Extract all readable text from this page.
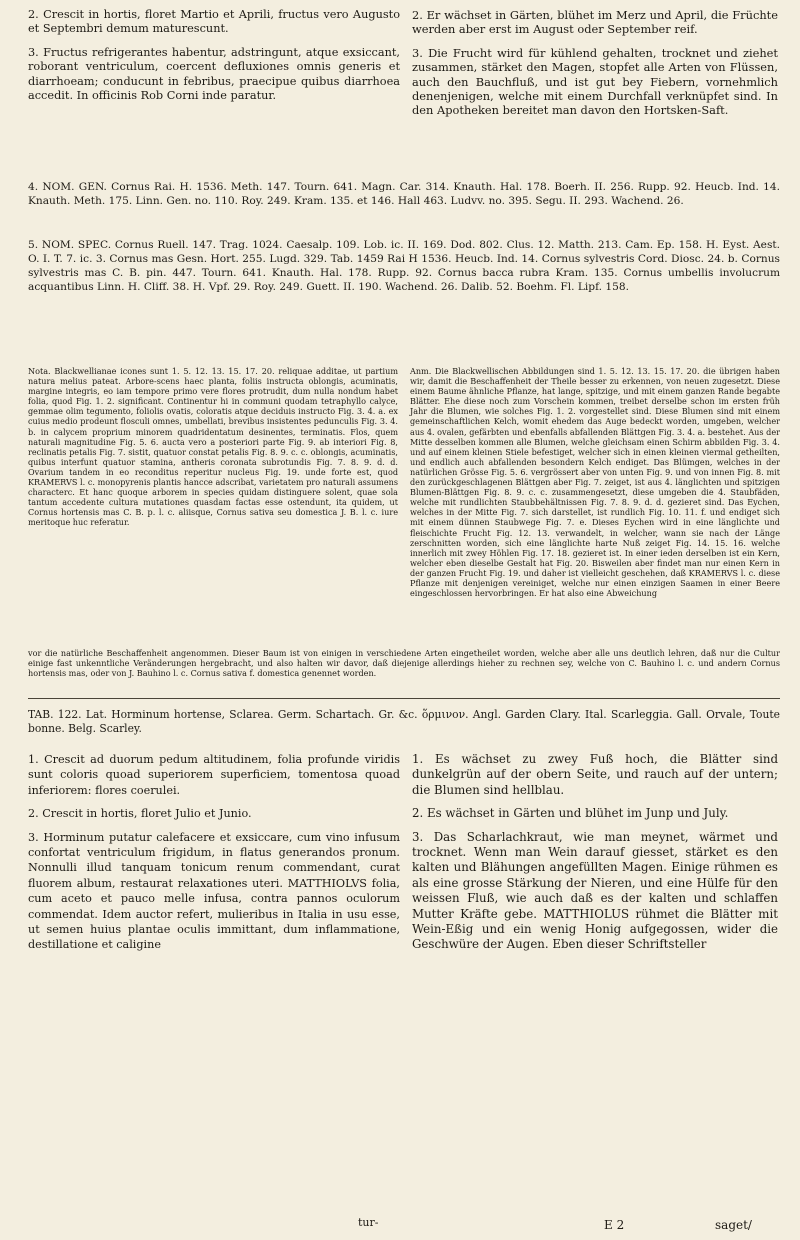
2. Crescit in hortis, floret Martio et Aprili, fructus vero Augusto et Septembri demum maturescunt.

3. Fructus refrigerantes habentur, adstringunt, atque exsiccant, roborant ventriculum, coercent defluxiones omnis generis et diarrhoeam; conducunt in febribus, praecipue quibus diarrhoea accedit. In officinis Rob Corni inde paratur.

2. Er wächset in Gärten, blühet im Merz und April, die Früchte werden aber erst im August oder September reif.

3. Die Frucht wird für kühlend gehalten, trocknet und ziehet zusammen, stärket den Magen, stopfet alle Arten von Flüssen, auch den Bauchfluß, und ist gut bey Fiebern, vornehmlich denenjenigen, welche mit einem Durchfall verknüpfet sind. In den Apotheken bereitet man davon den Hortsken-Saft.

4. NOM. GEN. Cornus Rai. H. 1536. Meth. 147. Tourn. 641. Magn. Car. 314. Knauth. Hal. 178. Boerh. II. 256. Rupp. 92. Heucb. Ind. 14. Knauth. Meth. 175. Linn. Gen. no. 110. Roy. 249. Kram. 135. et 146. Hall 463. Ludvv. no. 395. Segu. II. 293. Wachend. 26.

5. NOM. SPEC. Cornus Ruell. 147. Trag. 1024. Caesalp. 109. Lob. ic. II. 169. Dod. 802. Clus. 12. Matth. 213. Cam. Ep. 158. H. Eyst. Aest. O. I. T. 7. ic. 3. Cornus mas Gesn. Hort. 255. Lugd. 329. Tab. 1459 Rai H 1536. Heucb. Ind. 14. Cornus sylvestris Cord. Diosc. 24. b. Cornus sylvestris mas C. B. pin. 447. Tourn. 641. Knauth. Hal. 178. Rupp. 92. Cornus bacca rubra Kram. 135. Cornus umbellis involucrum acquantibus Linn. H. Cliff. 38. H. Vpf. 29. Roy. 249. Guett. II. 190. Wachend. 26. Dalib. 52. Boehm. Fl. Lipf. 158.

Nota. Blackwellianae icones sunt 1. 5. 12. 13. 15. 17. 20. reliquae additae, ut partium natura melius pateat. Arbore-scens haec planta, foliis instructa oblongis, acuminatis, margine integris, eo iam tempore primo vere flores protrudit, dum nulla nondum habet folia, quod Fig. 1. 2. significant. Continentur hi in communi quodam tetraphyllo calyce, gemmae olim tegumento, foliolis ovatis, coloratis atque deciduis instructo Fig. 3. 4. a. ex cuius medio prodeunt flosculi omnes, umbellati, brevibus insistentes pedunculis Fig. 3. 4. b. in calycem proprium minorem quadridentatum desinentes, terminatis. Flos, quem naturali magnitudine Fig. 5. 6. aucta vero a posteriori parte Fig. 9. ab interiori Fig. 8, reclinatis petalis Fig. 7. sistit, quatuor constat petalis Fig. 8. 9. c. c. oblongis, acuminatis, quibus interfunt quatuor stamina, antheris coronata subrotundis Fig. 7. 8. 9. d. d. Ovarium tandem in eo reconditus reperitur nucleus Fig. 19. unde forte est, quod KRAMERVS l. c. monopyrenis plantis hancce adscribat, varietatem pro naturali assumens characterc. Et hanc quoque arborem in species quidam distinguere solent, quae sola tantum accedente cultura mutationes quasdam factas esse ostendunt, ita quidem, ut Cornus hortensis mas C. B. p. l. c. aliisque, Cornus sativa seu domestica J. B. l. c. iure meritoque huc referatur.

Anm. Die Blackwellischen Abbildungen sind 1. 5. 12. 13. 15. 17. 20. die übrigen haben wir, damit die Beschaffenheit der Theile besser zu erkennen, von neuen zugesetzt. Diese einem Baume ähnliche Pflanze, hat lange, spitzige, und mit einem ganzen Rande begabte Blätter. Ehe diese noch zum Vorschein kommen, treibet derselbe schon im ersten früh Jahr die Blumen, wie solches Fig. 1. 2. vorgestellet sind. Diese Blumen sind mit einem gemeinschaftlichen Kelch, womit ehedem das Auge bedeckt worden, umgeben, welcher aus 4. ovalen, gefärbten und ebenfalls abfallenden Blättgen Fig. 3. 4. a. bestehet. Aus der Mitte desselben kommen alle Blumen, welche gleichsam einen Schirm abbilden Fig. 3. 4. und auf einem kleinen Stiele befestiget, welcher sich in einen kleinen viermal getheilten, und endlich auch abfallenden besondern Kelch endiget. Das Blümgen, welches in der natürlichen Grösse Fig. 5. 6. vergrössert aber von unten Fig. 9. und von innen Fig. 8. mit den zurückgeschlagenen Blättgen aber Fig. 7. zeiget, ist aus 4. länglichten und spitzigen Blumen-Blättgen Fig. 8. 9. c. c. zusammengesetzt, diese umgeben die 4. Staubfäden, welche mit rundlichten Staubbehältnissen Fig. 7. 8. 9. d. d. gezieret sind. Das Eychen, welches in der Mitte Fig. 7. sich darstellet, ist rundlich Fig. 10. 11. f. und endiget sich mit einem dünnen Staubwege Fig. 7. e. Dieses Eychen wird in eine länglichte und fleischichte Frucht Fig. 12. 13. verwandelt, in welcher, wann sie nach der Länge zerschnitten worden, sich eine länglichte harte Nuß zeiget Fig. 14. 15. 16. welche innerlich mit zwey Höhlen Fig. 17. 18. gezieret ist. In einer ieden derselben ist ein Kern, welcher eben dieselbe Gestalt hat Fig. 20. Bisweilen aber findet man nur einen Kern in der ganzen Frucht Fig. 19. und daher ist vielleicht geschehen, daß KRAMERVS l. c. diese Pflanze mit denjenigen vereiniget, welche nur einen einzigen Saamen in einer Beere eingeschlossen hervorbringen. Er hat also eine Abweichung

vor die natürliche Beschaffenheit angenommen. Dieser Baum ist von einigen in verschiedene Arten eingetheilet worden, welche aber alle uns deutlich lehren, daß nur die Cultur einige fast unkenntliche Veränderungen hergebracht, und also halten wir davor, daß diejenige allerdings hieher zu rechnen sey, welche von C. Bauhino l. c. und andern Cornus hortensis mas, oder von J. Bauhino l. c. Cornus sativa f. domestica genennet worden.

TAB. 122. Lat. Horminum hortense, Sclarea. Germ. Schartach. Gr. &c. ὅρμινον. Angl. Garden Clary. Ital. Scarleggia. Gall. Orvale, Toute bonne. Belg. Scarley.

1. Crescit ad duorum pedum altitudinem, folia profunde viridis sunt coloris quoad superiorem superficiem, tomentosa quoad inferiorem: flores coerulei.

2. Crescit in hortis, floret Julio et Junio.

3. Horminum putatur calefacere et exsiccare, cum vino infusum confortat ventriculum frigidum, in flatus generandos pronum. Nonnulli illud tanquam tonicum renum commendant, curat fluorem album, restaurat relaxationes uteri. MATTHIOLVS folia, cum aceto et pauco melle infusa, contra pannos oculorum commendat. Idem auctor refert, mulieribus in Italia in usu esse, ut semen huius plantae oculis immittant, dum inflammatione, destillatione et caligine

1. Es wächset zu zwey Fuß hoch, die Blätter sind dunkelgrün auf der obern Seite, und rauch auf der untern; die Blumen sind hellblau.

2. Es wächset in Gärten und blühet im Junp und July.

3. Das Scharlachkraut, wie man meynet, wärmet und trocknet. Wenn man Wein darauf giesset, stärket es den kalten und Blähungen angefüllten Magen. Einige rühmen es als eine grosse Stärkung der Nieren, und eine Hülfe für den weissen Fluß, wie auch daß es der kalten und schlaffen Mutter Kräfte gebe. MATTHIOLUS rühmet die Blätter mit Wein-Eßig und ein wenig Honig aufgegossen, wider die Geschwüre der Augen. Eben dieser Schriftsteller

tur-	E 2	saget/
